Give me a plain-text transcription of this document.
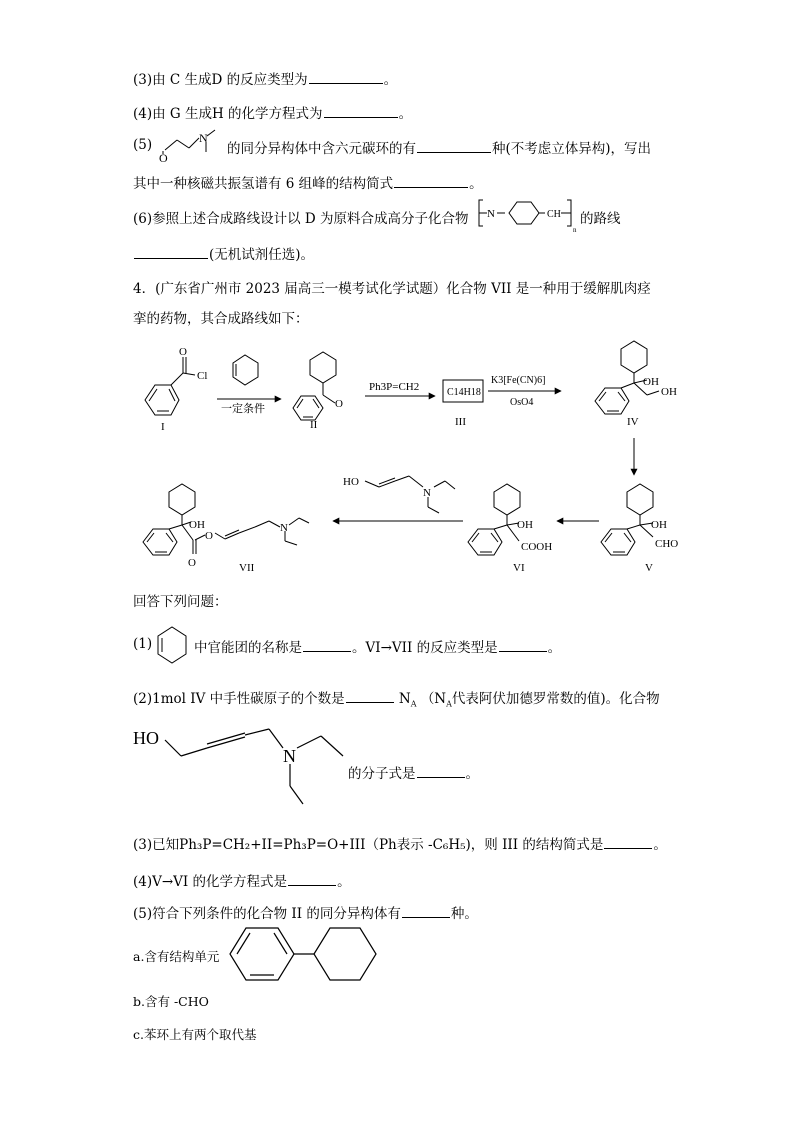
(3)由 C 生成D 的反应类型为	。
(4)由 G 生成H 的化学方程式为	。
(5)	N
O
的同分异构体中含六元碳环的有	种(不考虑立体异构)，写出
其中一种核磁共振氢谱有 6 组峰的结构简式	。
(6)参照上述合成路线设计以 D 为原料合成高分子化合物 N	CH
n
的路线
(无机试剂任选)。
4．(广东省广州市 2023 届高三一模考试化学试题）化合物 VII 是一种用于缓解肌肉痉
挛的药物，其合成路线如下：
Cl
O
I
一定条件	O
II
Ph3P=CH2	C14H18
III
K3[Fe(CN)6]
OsO4
OH
OH
IV
OH
CHO
V
OH
COOH
VI
HO
N
OH
O
O
N
VII
回答下列问题：
(1)	中官能团的名称是	。VI→VII 的反应类型是	。
(2)1mol IV 中手性碳原子的个数是	$N_A$ （$N_A$代表阿伏加德罗常数的值)。化合物
HO
N
的分子式是	。
(3)已知Ph₃P=CH₂+II=Ph₃P=O+III（Ph表示 -C₆H₅)，则 III 的结构简式是	。
(4)V→VI 的化学方程式是	。
(5)符合下列条件的化合物 II 的同分异构体有	种。
a.含有结构单元
b.含有 -CHO
c.苯环上有两个取代基
